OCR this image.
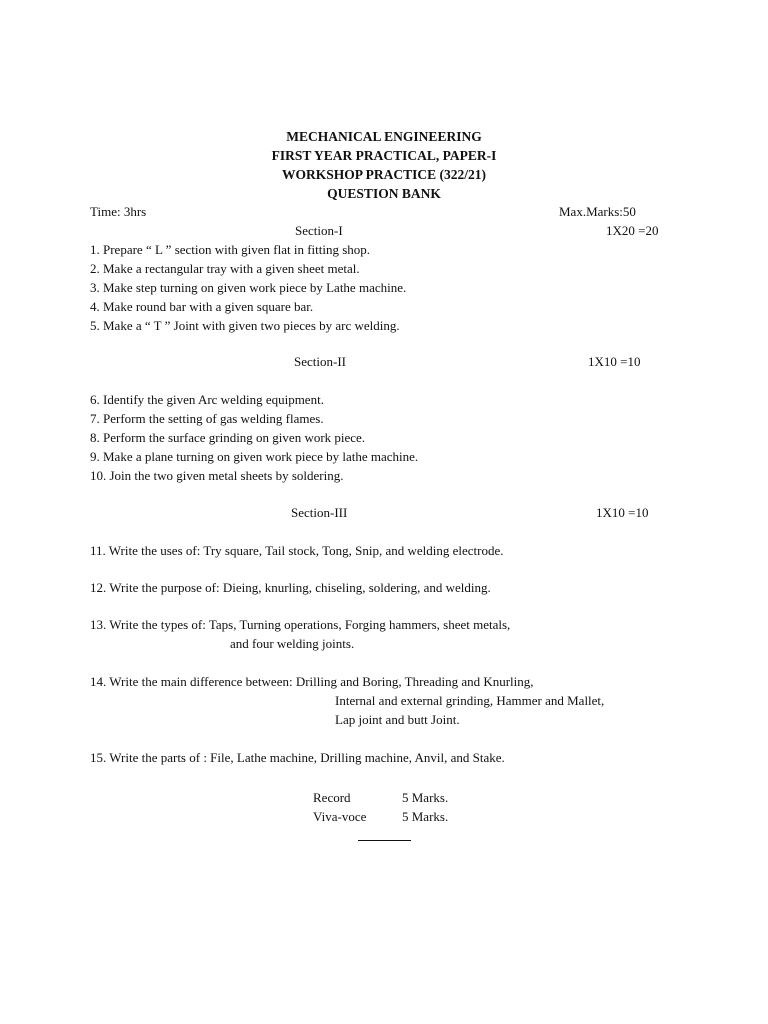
MECHANICAL ENGINEERING
FIRST YEAR PRACTICAL, PAPER-I
WORKSHOP PRACTICE (322/21)
QUESTION BANK
Time: 3hrs	Max.Marks:50
Section-I	1X20 =20
1. Prepare “ L ” section with given flat in fitting shop.
2. Make a rectangular tray with a given sheet metal.
3. Make step turning on given work piece by Lathe machine.
4. Make round bar with a given square bar.
5. Make a “ T ” Joint with given two pieces by arc welding.
Section-II	1X10 =10
6. Identify the given Arc welding equipment.
7. Perform the setting of gas welding flames.
8. Perform the surface grinding on given work piece.
9. Make a plane turning on given work piece by lathe machine.
10. Join the two given metal sheets by soldering.
Section-III	1X10 =10
11. Write the uses of: Try square, Tail stock, Tong, Snip, and welding electrode.
12. Write the purpose of: Dieing, knurling, chiseling, soldering, and welding.
13. Write the types of: Taps, Turning operations, Forging hammers, sheet metals,
and four welding joints.
14. Write the main difference between: Drilling and Boring, Threading and Knurling,
Internal and external grinding, Hammer and Mallet,
Lap joint and butt Joint.
15. Write the parts of : File, Lathe machine, Drilling machine, Anvil, and Stake.
Record	5 Marks.
Viva-voce	5 Marks.
